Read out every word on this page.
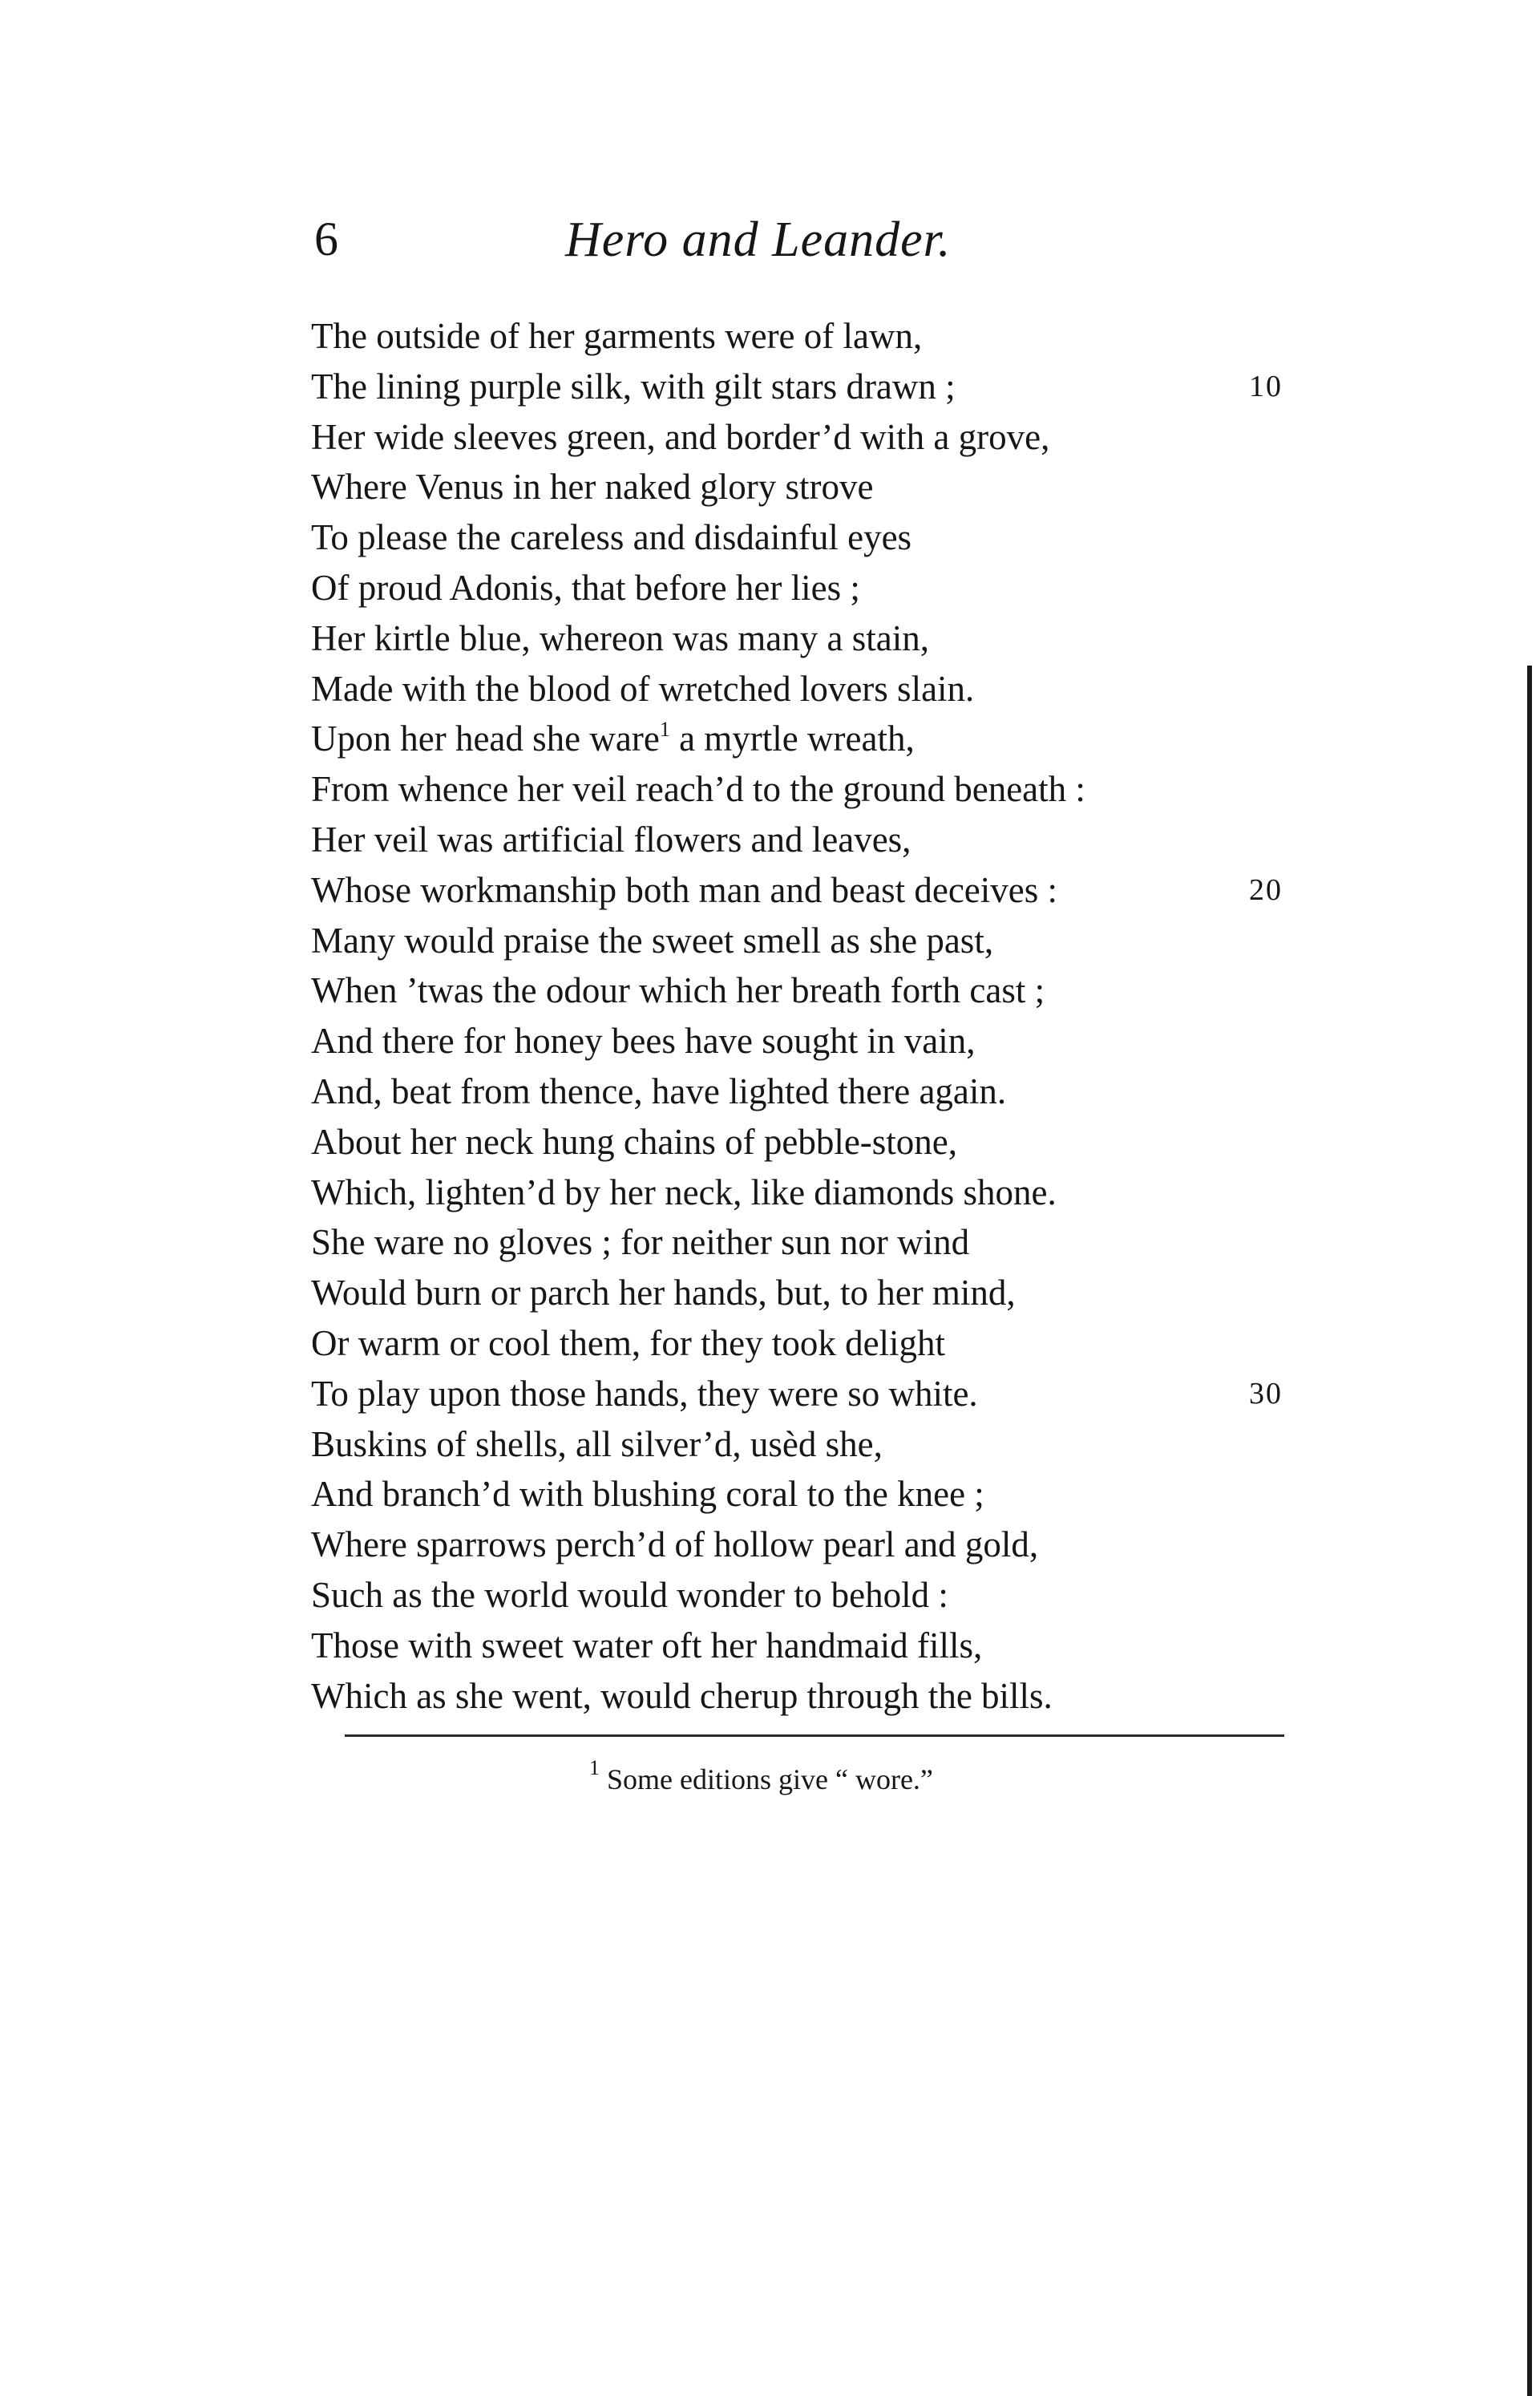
6	Hero and Leander.
The outside of her garments were of lawn,
The lining purple silk, with gilt stars drawn ;	10
Her wide sleeves green, and border’d with a grove,
Where Venus in her naked glory strove
To please the careless and disdainful eyes
Of proud Adonis, that before her lies ;
Her kirtle blue, whereon was many a stain,
Made with the blood of wretched lovers slain.
Upon her head she ware$^1$ a myrtle wreath,
From whence her veil reach’d to the ground beneath :
Her veil was artificial flowers and leaves,
Whose workmanship both man and beast deceives :	20
Many would praise the sweet smell as she past,
When ’twas the odour which her breath forth cast ;
And there for honey bees have sought in vain,
And, beat from thence, have lighted there again.
About her neck hung chains of pebble-stone,
Which, lighten’d by her neck, like diamonds shone.
She ware no gloves ; for neither sun nor wind
Would burn or parch her hands, but, to her mind,
Or warm or cool them, for they took delight
To play upon those hands, they were so white.	30
Buskins of shells, all silver’d, usèd she,
And branch’d with blushing coral to the knee ;
Where sparrows perch’d of hollow pearl and gold,
Such as the world would wonder to behold :
Those with sweet water oft her handmaid fills,
Which as she went, would cherup through the bills.
$^1$ Some editions give “ wore.”
